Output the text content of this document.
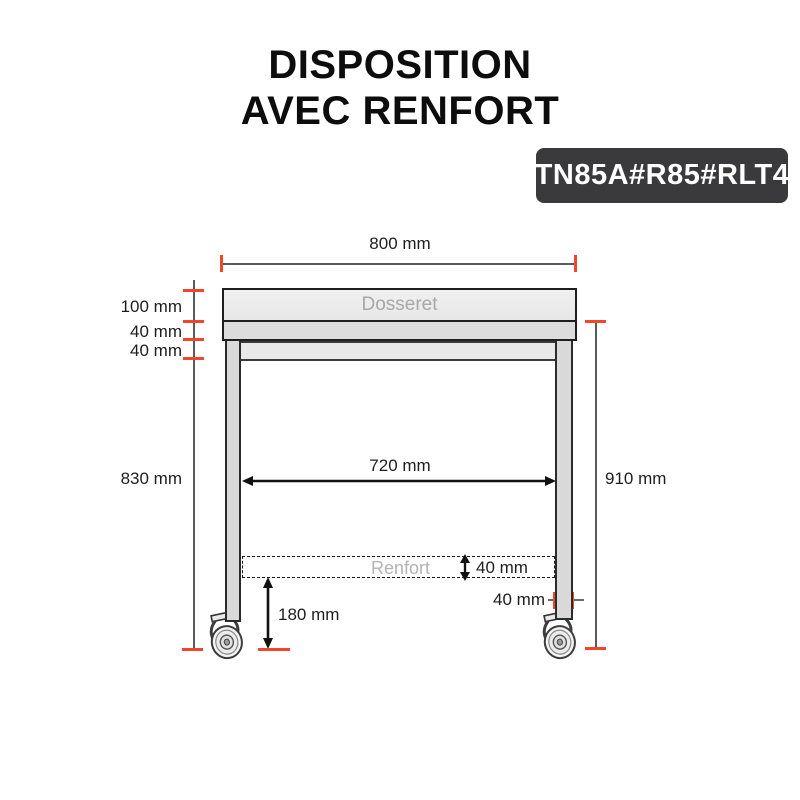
DISPOSITION
AVEC RENFORT
TN85A#R85#RLT4
800 mm
100 mm
40 mm
40 mm
830 mm	910 mm
Dosseret
720 mm
Renfort	40 mm
40 mm
180 mm
